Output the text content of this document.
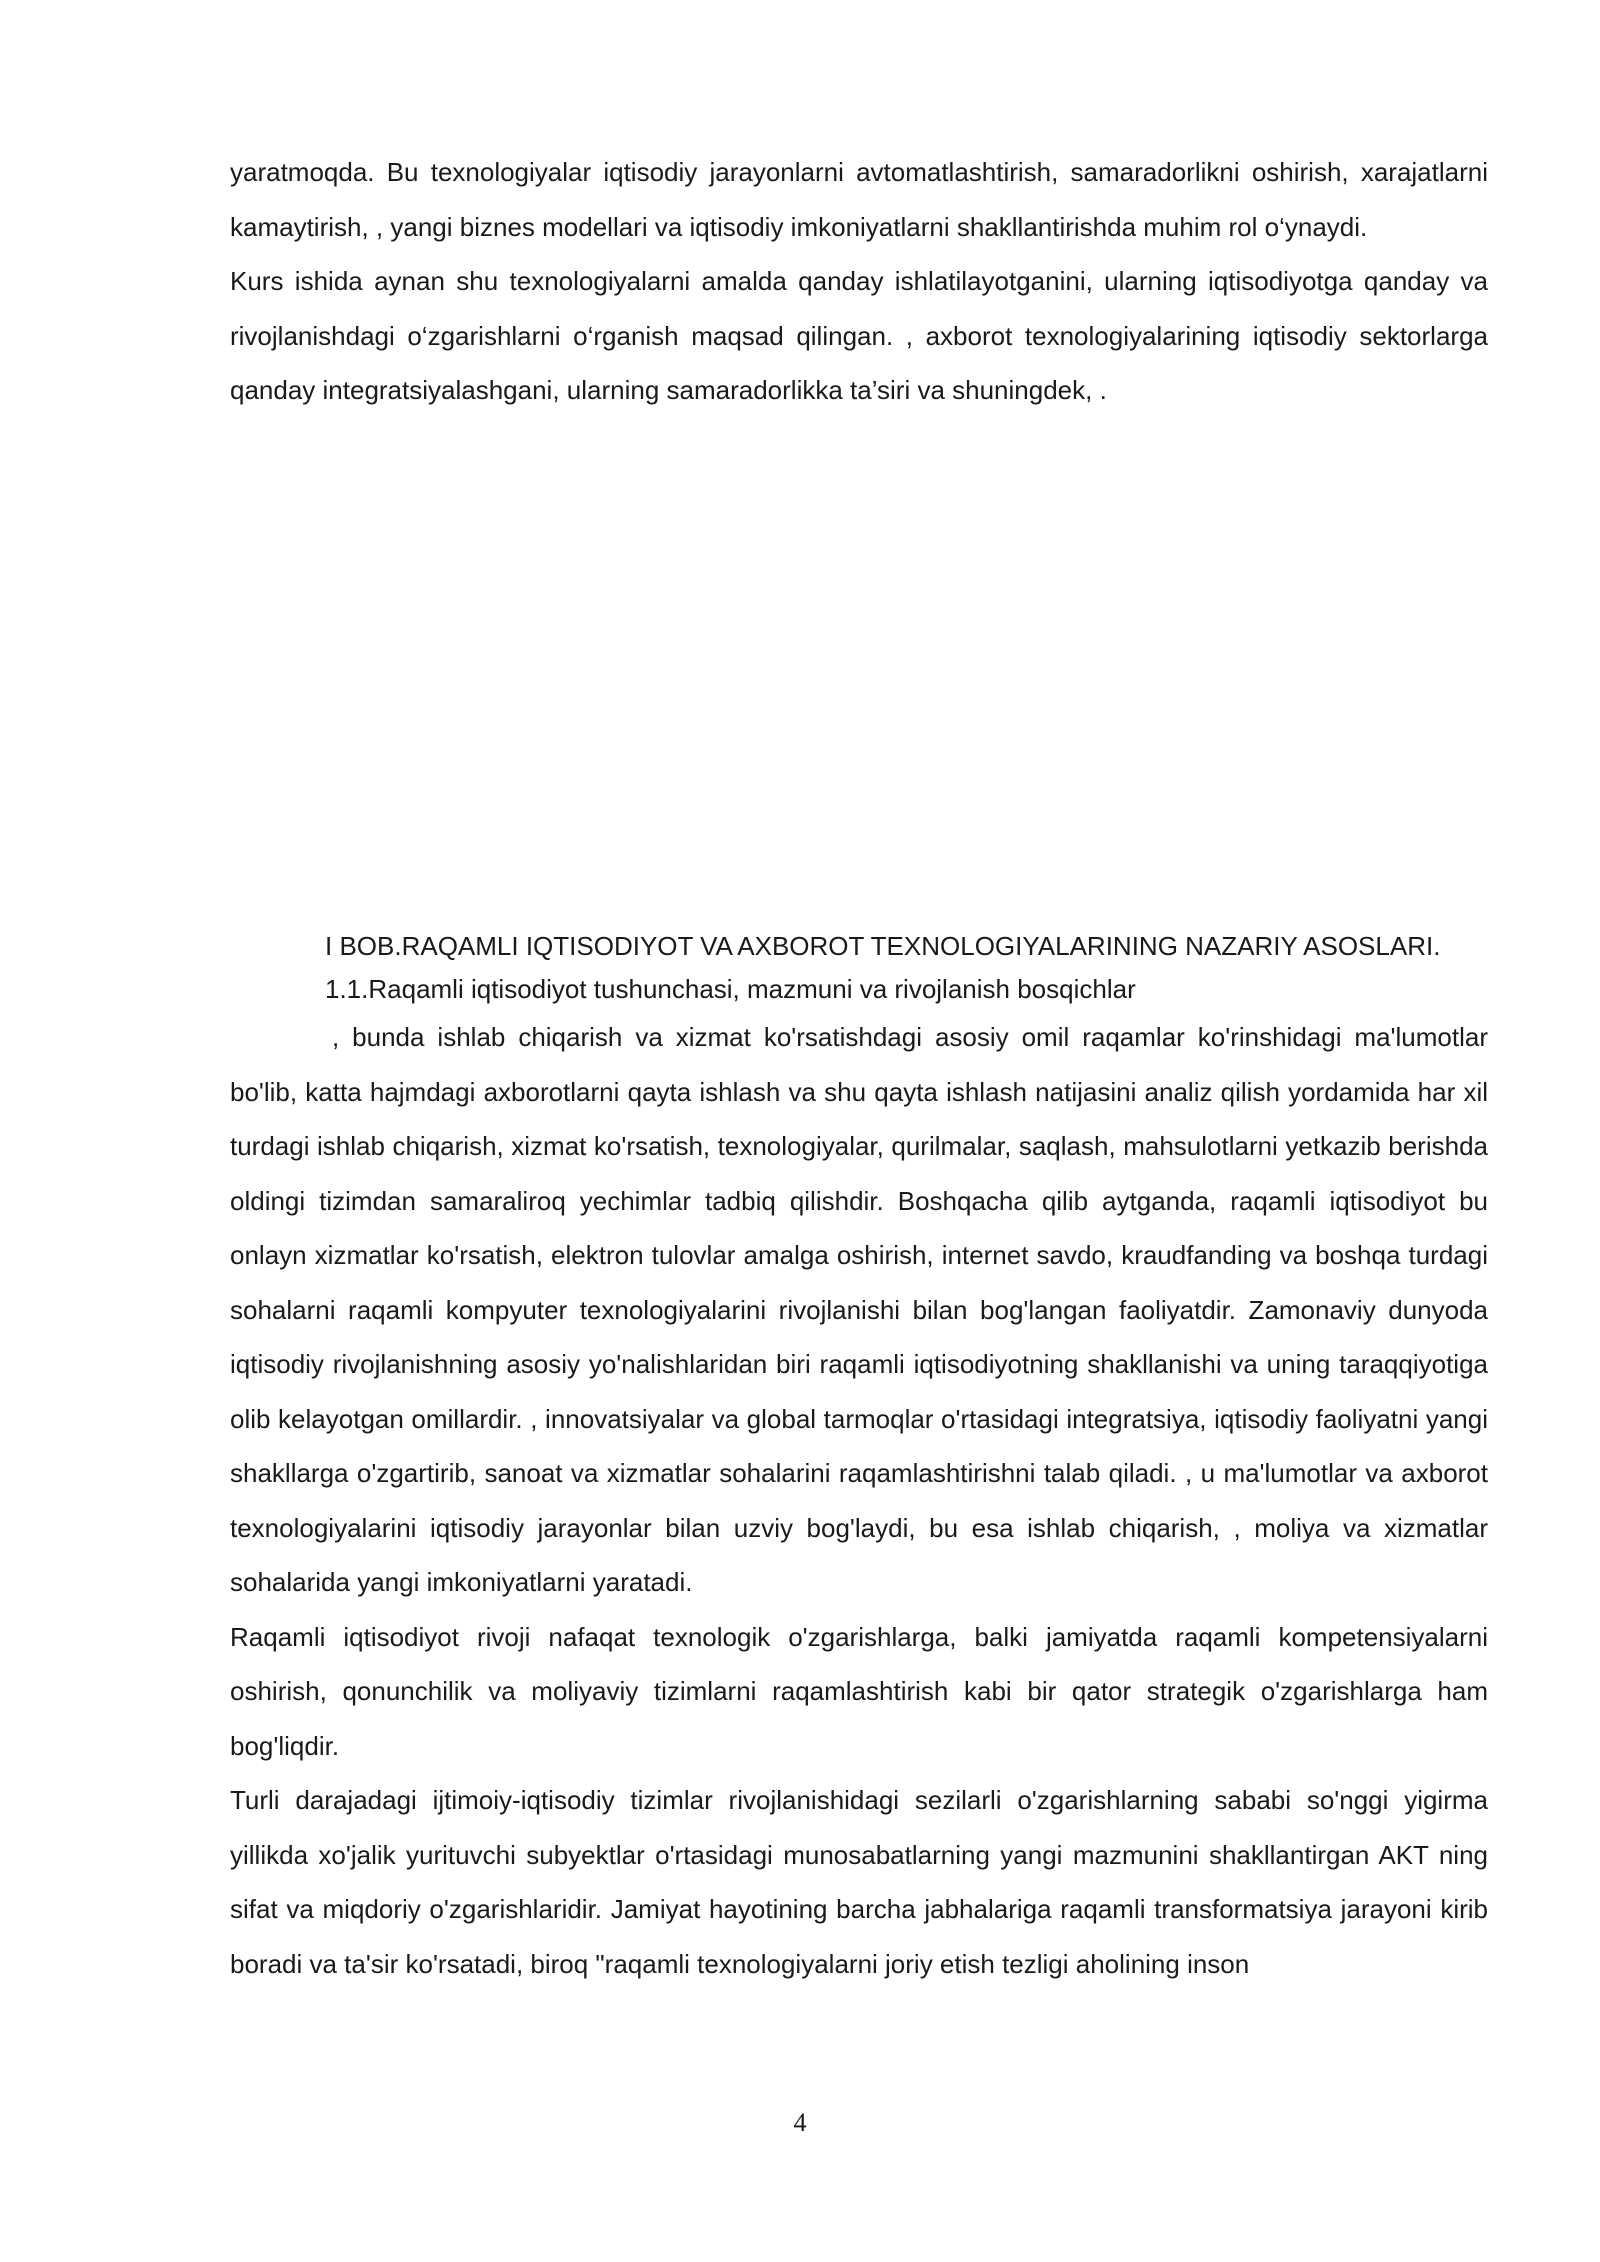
yaratmoqda. Bu texnologiyalar iqtisodiy jarayonlarni avtomatlashtirish, samaradorlikni oshirish, xarajatlarni kamaytirish, , yangi biznes modellari va iqtisodiy imkoniyatlarni shakllantirishda muhim rol o‘ynaydi.

Kurs ishida aynan shu texnologiyalarni amalda qanday ishlatilayotganini, ularning iqtisodiyotga qanday va rivojlanishdagi o‘zgarishlarni o‘rganish maqsad qilingan. , axborot texnologiyalarining iqtisodiy sektorlarga qanday integratsiyalashgani, ularning samaradorlikka ta’siri va shuningdek, .

I BOB.RAQAMLI IQTISODIYOT VA AXBOROT TEXNOLOGIYALARINING NAZARIY ASOSLARI.

1.1.Raqamli iqtisodiyot tushunchasi, mazmuni va rivojlanish bosqichlar

, bunda ishlab chiqarish va xizmat ko'rsatishdagi asosiy omil raqamlar ko'rinshidagi ma'lumotlar bo'lib, katta hajmdagi axborotlarni qayta ishlash va shu qayta ishlash natijasini analiz qilish yordamida har xil turdagi ishlab chiqarish, xizmat ko'rsatish, texnologiyalar, qurilmalar, saqlash, mahsulotlarni yetkazib berishda oldingi tizimdan samaraliroq yechimlar tadbiq qilishdir. Boshqacha qilib aytganda, raqamli iqtisodiyot bu onlayn xizmatlar ko'rsatish, elektron tulovlar amalga oshirish, internet savdo, kraudfanding va boshqa turdagi sohalarni raqamli kompyuter texnologiyalarini rivojlanishi bilan bog'langan faoliyatdir. Zamonaviy dunyoda iqtisodiy rivojlanishning asosiy yo'nalishlaridan biri raqamli iqtisodiyotning shakllanishi va uning taraqqiyotiga olib kelayotgan omillardir. , innovatsiyalar va global tarmoqlar o'rtasidagi integratsiya, iqtisodiy faoliyatni yangi shakllarga o'zgartirib, sanoat va xizmatlar sohalarini raqamlashtirishni talab qiladi. , u ma'lumotlar va axborot texnologiyalarini iqtisodiy jarayonlar bilan uzviy bog'laydi, bu esa ishlab chiqarish, , moliya va xizmatlar sohalarida yangi imkoniyatlarni yaratadi.

Raqamli iqtisodiyot rivoji nafaqat texnologik o'zgarishlarga, balki jamiyatda raqamli kompetensiyalarni oshirish, qonunchilik va moliyaviy tizimlarni raqamlashtirish kabi bir qator strategik o'zgarishlarga ham bog'liqdir.

Turli darajadagi ijtimoiy-iqtisodiy tizimlar rivojlanishidagi sezilarli o'zgarishlarning sababi so'nggi yigirma yillikda xo'jalik yurituvchi subyektlar o'rtasidagi munosabatlarning yangi mazmunini shakllantirgan AKT ning sifat va miqdoriy o'zgarishlaridir. Jamiyat hayotining barcha jabhalariga raqamli transformatsiya jarayoni kirib boradi va ta'sir ko'rsatadi, biroq "raqamli texnologiyalarni joriy etish tezligi aholining inson

4
